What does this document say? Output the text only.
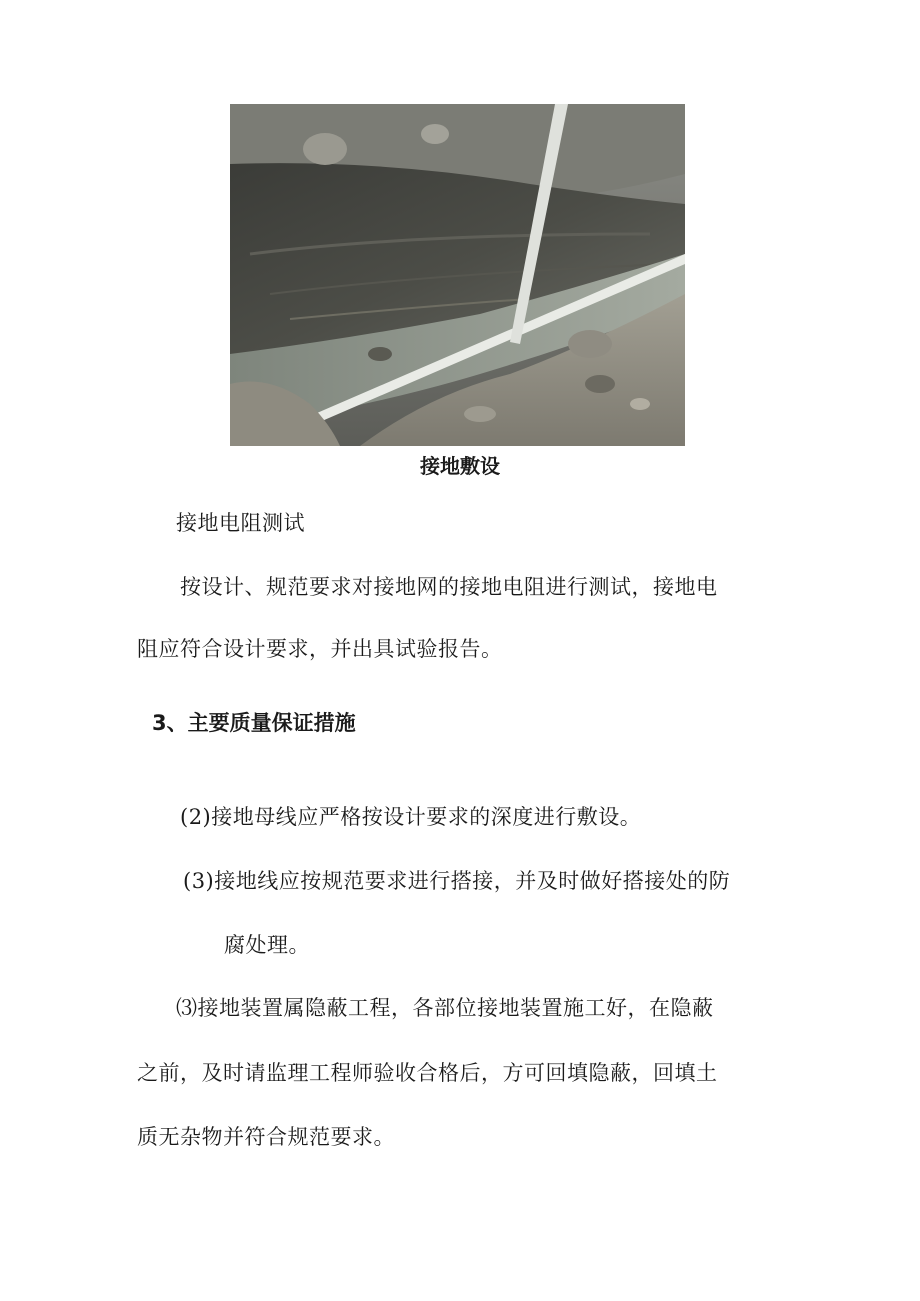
接地敷设
接地电阻测试
按设计、规范要求对接地网的接地电阻进行测试，接地电
阻应符合设计要求，并出具试验报告。
3、主要质量保证措施
(2)接地母线应严格按设计要求的深度进行敷设。
(3)接地线应按规范要求进行搭接，并及时做好搭接处的防
腐处理。
⑶接地装置属隐蔽工程，各部位接地装置施工好，在隐蔽
之前，及时请监理工程师验收合格后，方可回填隐蔽，回填土
质无杂物并符合规范要求。
